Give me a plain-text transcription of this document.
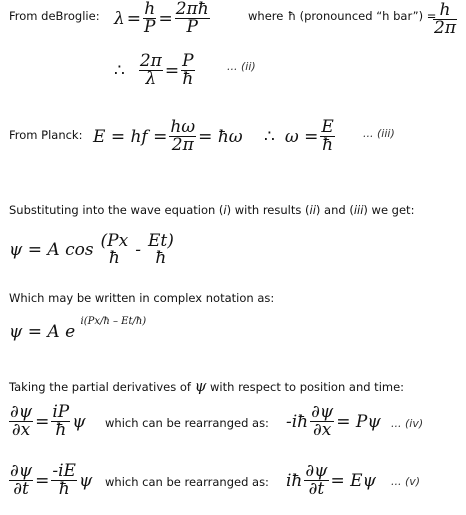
From deBroglie: $\lambda = \frac{h}{P} = \frac{2\pi ħ}{P}$	where ħ (pronounced “h bar”) =
$\frac{h}{2\pi}$
∴ $\frac{2\pi}{\lambda} = \frac{P}{ħ}$	... (ii)
From Planck: E = hf = $\frac{h\omega}{2\pi}$ = ħω ∴ $\omega = \frac{E}{ħ}$	... (iii)
Substituting into the wave equation (i) with results (ii) and (iii) we get:
ψ = A cos (Px
ħ - Et)
ħ
Which may be written in complex notation as:
ψ = A e $^{i(Px/ħ - Et/ħ)}$
Taking the partial derivatives of ψ with respect to position and time:
$\frac{\partial\psi}{\partial x} = \frac{iP}{ħ}$ ψ which can be rearranged as: -iħ $\frac{\partial\psi}{\partial x} = P\psi$ ... (iv)
$\frac{\partial\psi}{\partial t} = \frac{-iE}{ħ}$ ψ which can be rearranged as: iħ $\frac{\partial\psi}{\partial t} = E\psi$ ... (v)
